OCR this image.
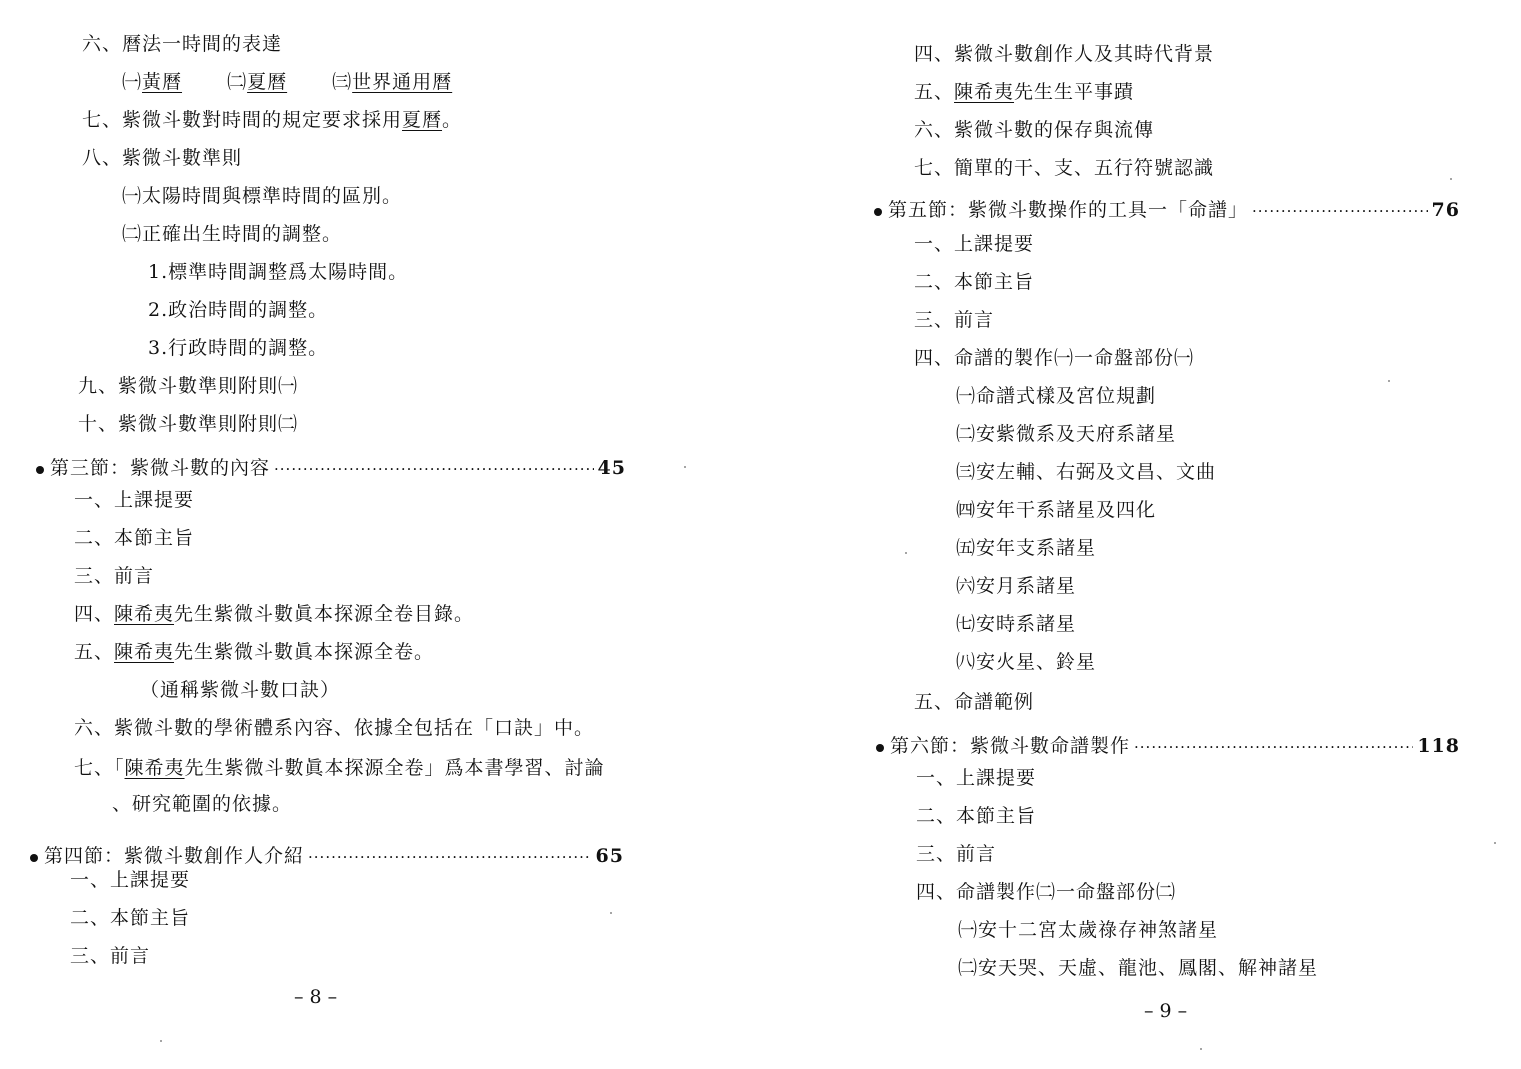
六、曆法一時間的表達
㈠黃曆 ㈡夏曆 ㈢世界通用曆
七、紫微斗數對時間的規定要求採用夏曆。
八、紫微斗數準則
㈠太陽時間與標準時間的區別。
㈡正確出生時間的調整。
1.標準時間調整爲太陽時間。
2.政治時間的調整。
3.行政時間的調整。
九、紫微斗數準則附則㈠
十、紫微斗數準則附則㈡
第三節：紫微斗數的內容 ·····	45
一、上課提要
二、本節主旨
三、前言
四、陳希夷先生紫微斗數眞本探源全卷目錄。
五、陳希夷先生紫微斗數眞本探源全卷。
（通稱紫微斗數口訣）
六、紫微斗數的學術體系內容、依據全包括在「口訣」中。
七、「陳希夷先生紫微斗數眞本探源全卷」爲本書學習、討論
、研究範圍的依據。
第四節：紫微斗數創作人介紹 ·····	65
一、上課提要
二、本節主旨
三、前言
– 8 –
四、紫微斗數創作人及其時代背景
五、陳希夷先生生平事蹟
六、紫微斗數的保存與流傳
七、簡單的干、支、五行符號認識
第五節：紫微斗數操作的工具一「命譜」 ·····	76
一、上課提要
二、本節主旨
三、前言
四、命譜的製作㈠一命盤部份㈠
㈠命譜式樣及宮位規劃
㈡安紫微系及天府系諸星
㈢安左輔、右弼及文昌、文曲
㈣安年干系諸星及四化
㈤安年支系諸星
㈥安月系諸星
㈦安時系諸星
㈧安火星、鈴星
五、命譜範例
第六節：紫微斗數命譜製作 ·····	118
一、上課提要
二、本節主旨
三、前言
四、命譜製作㈡一命盤部份㈡
㈠安十二宮太歲祿存神煞諸星
㈡安天哭、天虛、龍池、鳳閣、解神諸星
– 9 –
